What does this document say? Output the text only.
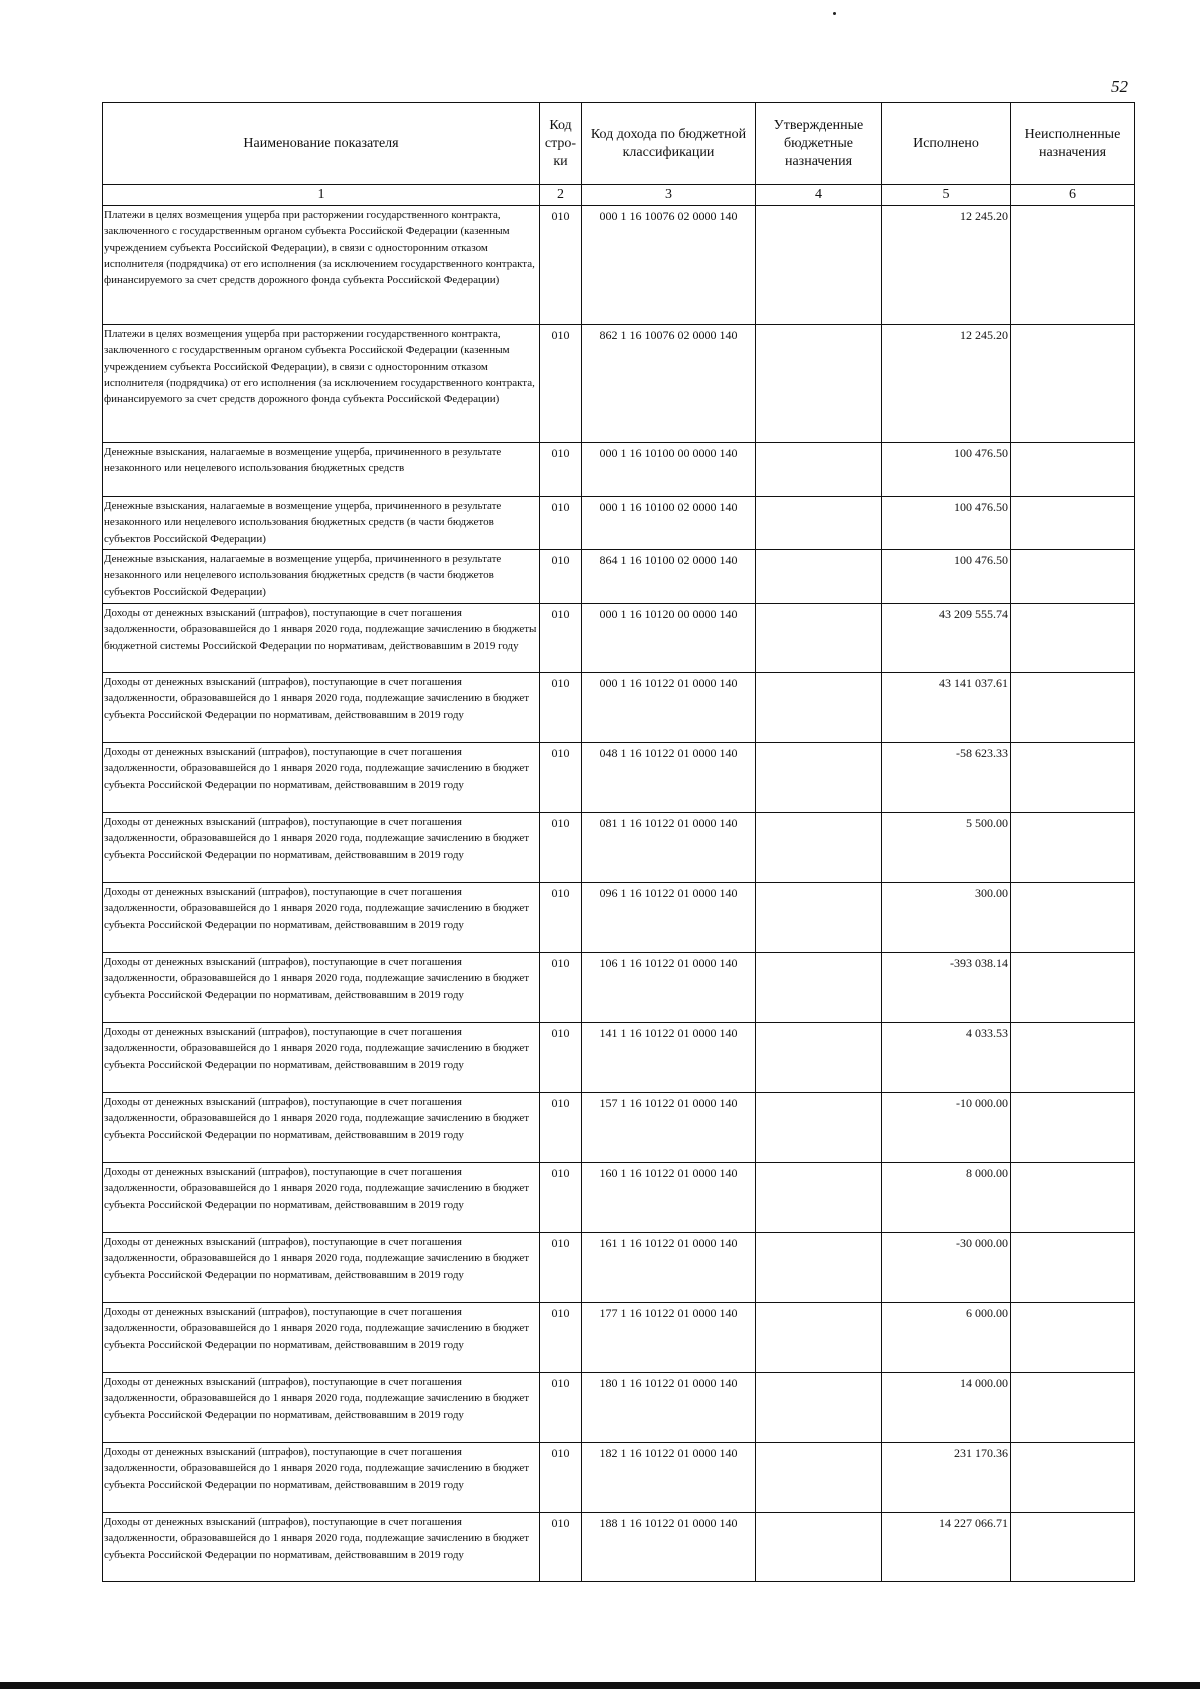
52
Наименование показателя	Код стро-ки	Код дохода по бюджетной классификации	Утвержденные бюджетные назначения	Исполнено	Неисполненные назначения
1	2	3	4	5	6
Платежи в целях возмещения ущерба при расторжении государственного контракта, заключенного с государственным органом субъекта Российской Федерации (казенным учреждением субъекта Российской Федерации), в связи с односторонним отказом исполнителя (подрядчика) от его исполнения (за исключением государственного контракта, финансируемого за счет средств дорожного фонда субъекта Российской Федерации)	010	000 1 16 10076 02 0000 140		12 245.20	
Платежи в целях возмещения ущерба при расторжении государственного контракта, заключенного с государственным органом субъекта Российской Федерации (казенным учреждением субъекта Российской Федерации), в связи с односторонним отказом исполнителя (подрядчика) от его исполнения (за исключением государственного контракта, финансируемого за счет средств дорожного фонда субъекта Российской Федерации)	010	862 1 16 10076 02 0000 140		12 245.20	
Денежные взыскания, налагаемые в возмещение ущерба, причиненного в результате незаконного или нецелевого использования бюджетных средств	010	000 1 16 10100 00 0000 140		100 476.50	
Денежные взыскания, налагаемые в возмещение ущерба, причиненного в результате незаконного или нецелевого использования бюджетных средств (в части бюджетов субъектов Российской Федерации)	010	000 1 16 10100 02 0000 140		100 476.50	
Денежные взыскания, налагаемые в возмещение ущерба, причиненного в результате незаконного или нецелевого использования бюджетных средств (в части бюджетов субъектов Российской Федерации)	010	864 1 16 10100 02 0000 140		100 476.50	
Доходы от денежных взысканий (штрафов), поступающие в счет погашения задолженности, образовавшейся до 1 января 2020 года, подлежащие зачислению в бюджеты бюджетной системы Российской Федерации по нормативам, действовавшим в 2019 году	010	000 1 16 10120 00 0000 140		43 209 555.74	
Доходы от денежных взысканий (штрафов), поступающие в счет погашения задолженности, образовавшейся до 1 января 2020 года, подлежащие зачислению в бюджет субъекта Российской Федерации по нормативам, действовавшим в 2019 году	010	000 1 16 10122 01 0000 140		43 141 037.61	
Доходы от денежных взысканий (штрафов), поступающие в счет погашения задолженности, образовавшейся до 1 января 2020 года, подлежащие зачислению в бюджет субъекта Российской Федерации по нормативам, действовавшим в 2019 году	010	048 1 16 10122 01 0000 140		-58 623.33	
Доходы от денежных взысканий (штрафов), поступающие в счет погашения задолженности, образовавшейся до 1 января 2020 года, подлежащие зачислению в бюджет субъекта Российской Федерации по нормативам, действовавшим в 2019 году	010	081 1 16 10122 01 0000 140		5 500.00	
Доходы от денежных взысканий (штрафов), поступающие в счет погашения задолженности, образовавшейся до 1 января 2020 года, подлежащие зачислению в бюджет субъекта Российской Федерации по нормативам, действовавшим в 2019 году	010	096 1 16 10122 01 0000 140		300.00	
Доходы от денежных взысканий (штрафов), поступающие в счет погашения задолженности, образовавшейся до 1 января 2020 года, подлежащие зачислению в бюджет субъекта Российской Федерации по нормативам, действовавшим в 2019 году	010	106 1 16 10122 01 0000 140		-393 038.14	
Доходы от денежных взысканий (штрафов), поступающие в счет погашения задолженности, образовавшейся до 1 января 2020 года, подлежащие зачислению в бюджет субъекта Российской Федерации по нормативам, действовавшим в 2019 году	010	141 1 16 10122 01 0000 140		4 033.53	
Доходы от денежных взысканий (штрафов), поступающие в счет погашения задолженности, образовавшейся до 1 января 2020 года, подлежащие зачислению в бюджет субъекта Российской Федерации по нормативам, действовавшим в 2019 году	010	157 1 16 10122 01 0000 140		-10 000.00	
Доходы от денежных взысканий (штрафов), поступающие в счет погашения задолженности, образовавшейся до 1 января 2020 года, подлежащие зачислению в бюджет субъекта Российской Федерации по нормативам, действовавшим в 2019 году	010	160 1 16 10122 01 0000 140		8 000.00	
Доходы от денежных взысканий (штрафов), поступающие в счет погашения задолженности, образовавшейся до 1 января 2020 года, подлежащие зачислению в бюджет субъекта Российской Федерации по нормативам, действовавшим в 2019 году	010	161 1 16 10122 01 0000 140		-30 000.00	
Доходы от денежных взысканий (штрафов), поступающие в счет погашения задолженности, образовавшейся до 1 января 2020 года, подлежащие зачислению в бюджет субъекта Российской Федерации по нормативам, действовавшим в 2019 году	010	177 1 16 10122 01 0000 140		6 000.00	
Доходы от денежных взысканий (штрафов), поступающие в счет погашения задолженности, образовавшейся до 1 января 2020 года, подлежащие зачислению в бюджет субъекта Российской Федерации по нормативам, действовавшим в 2019 году	010	180 1 16 10122 01 0000 140		14 000.00	
Доходы от денежных взысканий (штрафов), поступающие в счет погашения задолженности, образовавшейся до 1 января 2020 года, подлежащие зачислению в бюджет субъекта Российской Федерации по нормативам, действовавшим в 2019 году	010	182 1 16 10122 01 0000 140		231 170.36	
Доходы от денежных взысканий (штрафов), поступающие в счет погашения задолженности, образовавшейся до 1 января 2020 года, подлежащие зачислению в бюджет субъекта Российской Федерации по нормативам, действовавшим в 2019 году	010	188 1 16 10122 01 0000 140		14 227 066.71	
